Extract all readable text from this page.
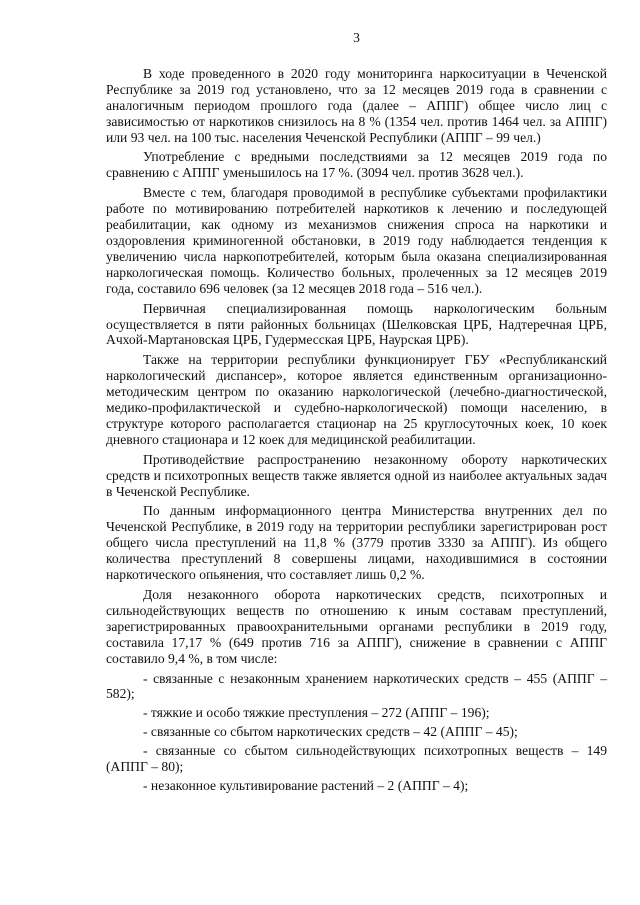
3

В ходе проведенного в 2020 году мониторинга наркоситуации в Чеченской Республике за 2019 год установлено, что за 12 месяцев 2019 года в сравнении с аналогичным периодом прошлого года (далее – АППГ) общее число лиц с зависимостью от наркотиков снизилось на 8 % (1354 чел. против 1464 чел. за АППГ) или 93 чел. на 100 тыс. населения Чеченской Республики (АППГ – 99 чел.)

Употребление с вредными последствиями за 12 месяцев 2019 года по сравнению с АППГ уменьшилось на 17 %. (3094 чел. против 3628 чел.).

Вместе с тем, благодаря проводимой в республике субъектами профилактики работе по мотивированию потребителей наркотиков к лечению и последующей реабилитации, как одному из механизмов снижения спроса на наркотики и оздоровления криминогенной обстановки, в 2019 году наблюдается тенденция к увеличению числа наркопотребителей, которым была оказана специализированная наркологическая помощь. Количество больных, пролеченных за 12 месяцев 2019 года, составило 696 человек (за 12 месяцев 2018 года – 516 чел.).

Первичная специализированная помощь наркологическим больным осуществляется в пяти районных больницах (Шелковская ЦРБ, Надтеречная ЦРБ, Ачхой-Мартановская ЦРБ, Гудермесская ЦРБ, Наурская ЦРБ).

Также на территории республики функционирует ГБУ «Республиканский наркологический диспансер», которое является единственным организационно-методическим центром по оказанию наркологической (лечебно-диагностической, медико-профилактической и судебно-наркологической) помощи населению, в структуре которого располагается стационар на 25 круглосуточных коек, 10 коек дневного стационара и 12 коек для медицинской реабилитации.

Противодействие распространению незаконному обороту наркотических средств и психотропных веществ также является одной из наиболее актуальных задач в Чеченской Республике.

По данным информационного центра Министерства внутренних дел по Чеченской Республике, в 2019 году на территории республики зарегистрирован рост общего числа преступлений на 11,8 % (3779 против 3330 за АППГ). Из общего количества преступлений 8 совершены лицами, находившимися в состоянии наркотического опьянения, что составляет лишь 0,2 %.

Доля незаконного оборота наркотических средств, психотропных и сильнодействующих веществ по отношению к иным составам преступлений, зарегистрированных правоохранительными органами республики в 2019 году, составила 17,17 % (649 против 716 за АППГ), снижение в сравнении с АППГ составило 9,4 %, в том числе:

- связанные с незаконным хранением наркотических средств – 455 (АППГ – 582);

- тяжкие и особо тяжкие преступления – 272 (АППГ – 196);

- связанные со сбытом наркотических средств – 42 (АППГ – 45);

- связанные со сбытом сильнодействующих психотропных веществ – 149 (АППГ – 80);

- незаконное культивирование растений – 2 (АППГ – 4);
